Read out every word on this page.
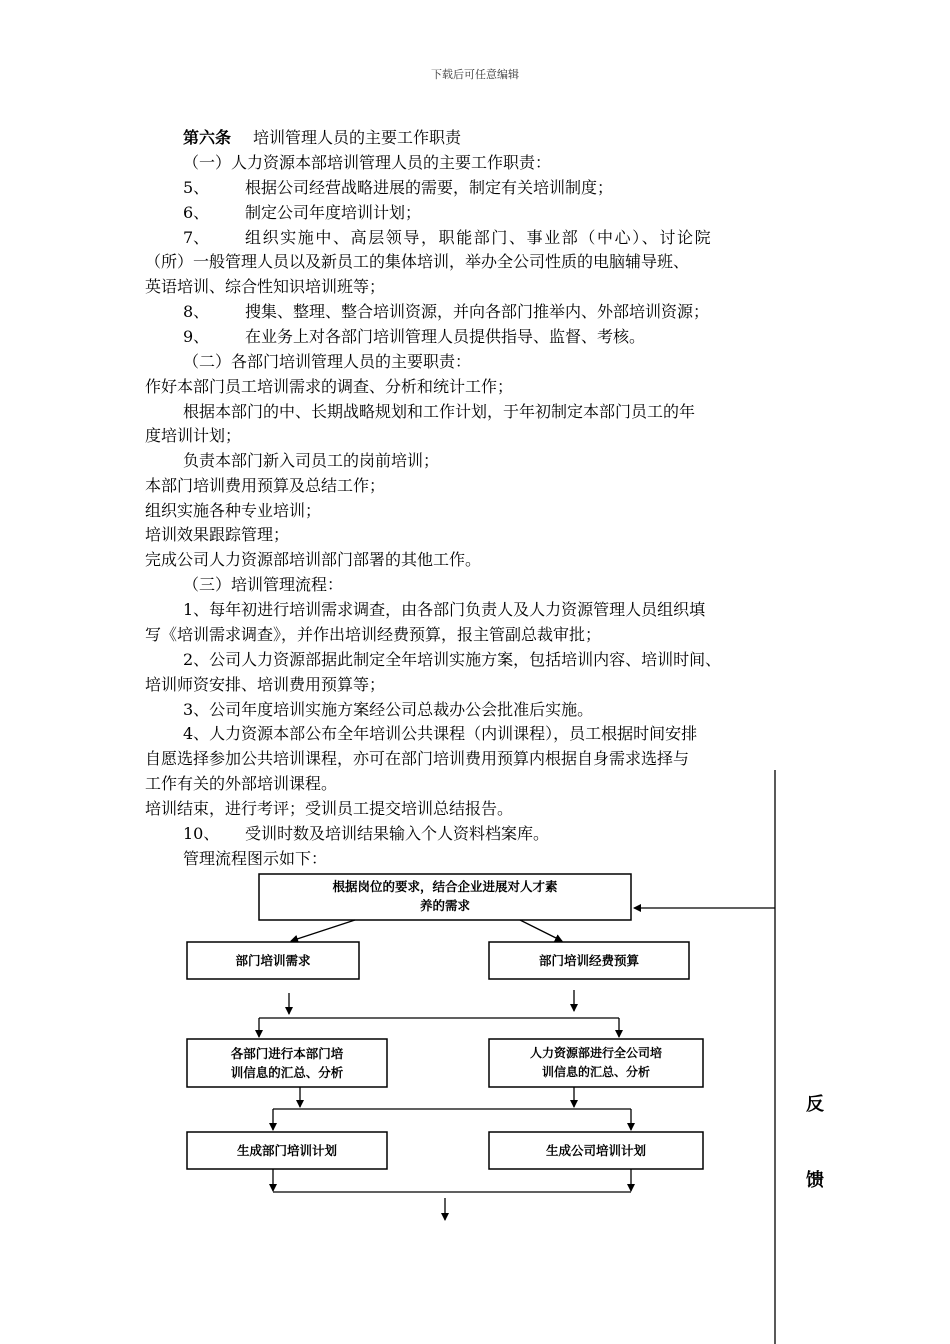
下载后可任意编辑
第六条 培训管理人员的主要工作职责
（一）人力资源本部培训管理人员的主要工作职责：
5、 根据公司经营战略进展的需要，制定有关培训制度；
6、 制定公司年度培训计划；
7、 组织实施中、高层领导，职能部门、事业部（中心）、讨论院
（所）一般管理人员以及新员工的集体培训，举办全公司性质的电脑辅导班、
英语培训、综合性知识培训班等；
8、 搜集、整理、整合培训资源，并向各部门推举内、外部培训资源；
9、 在业务上对各部门培训管理人员提供指导、监督、考核。
（二）各部门培训管理人员的主要职责：
作好本部门员工培训需求的调查、分析和统计工作；
根据本部门的中、长期战略规划和工作计划，于年初制定本部门员工的年
度培训计划；
负责本部门新入司员工的岗前培训；
本部门培训费用预算及总结工作；
组织实施各种专业培训；
培训效果跟踪管理；
完成公司人力资源部培训部门部署的其他工作。
（三）培训管理流程：
1、每年初进行培训需求调查，由各部门负责人及人力资源管理人员组织填
写《培训需求调查》，并作出培训经费预算，报主管副总裁审批；
2、公司人力资源部据此制定全年培训实施方案，包括培训内容、培训时间、
培训师资安排、培训费用预算等；
3、公司年度培训实施方案经公司总裁办公会批准后实施。
4、人力资源本部公布全年培训公共课程（内训课程），员工根据时间安排
自愿选择参加公共培训课程，亦可在部门培训费用预算内根据自身需求选择与
工作有关的外部培训课程。
培训结束，进行考评；受训员工提交培训总结报告。
10、 受训时数及培训结果输入个人资料档案库。
管理流程图示如下：
根据岗位的要求，结合企业进展对人才素
养的需求
部门培训需求	部门培训经费预算
各部门进行本部门培
训信息的汇总、分析
人力资源部进行全公司培
训信息的汇总、分析
生成部门培训计划	生成公司培训计划
反
馈
